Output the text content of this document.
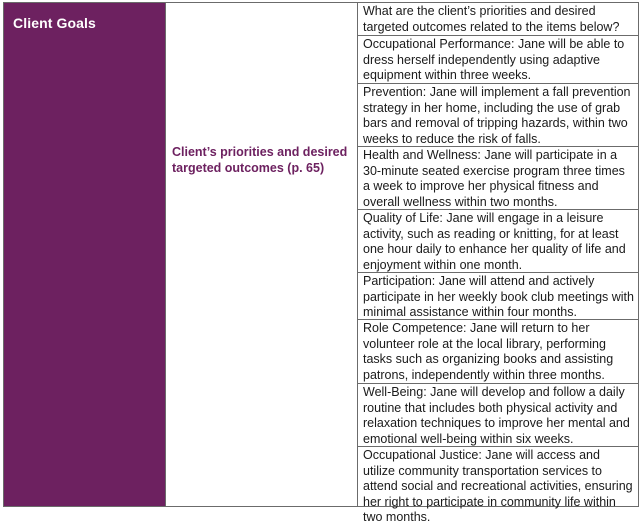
Client Goals
Client’s priorities and desired targeted outcomes (p. 65)
What are the client’s priorities and desired targeted outcomes related to the items below?
Occupational Performance: Jane will be able to dress herself independently using adaptive equipment within three weeks.
Prevention: Jane will implement a fall prevention strategy in her home, including the use of grab bars and removal of tripping hazards, within two weeks to reduce the risk of falls.
Health and Wellness: Jane will participate in a 30-minute seated exercise program three times a week to improve her physical fitness and overall wellness within two months.
Quality of Life: Jane will engage in a leisure activity, such as reading or knitting, for at least one hour daily to enhance her quality of life and enjoyment within one month.
Participation: Jane will attend and actively participate in her weekly book club meetings with minimal assistance within four months.
Role Competence: Jane will return to her volunteer role at the local library, performing tasks such as organizing books and assisting patrons, independently within three months.
Well-Being: Jane will develop and follow a daily routine that includes both physical activity and relaxation techniques to improve her mental and emotional well-being within six weeks.
Occupational Justice: Jane will access and utilize community transportation services to attend social and recreational activities, ensuring her right to participate in community life within two months.
